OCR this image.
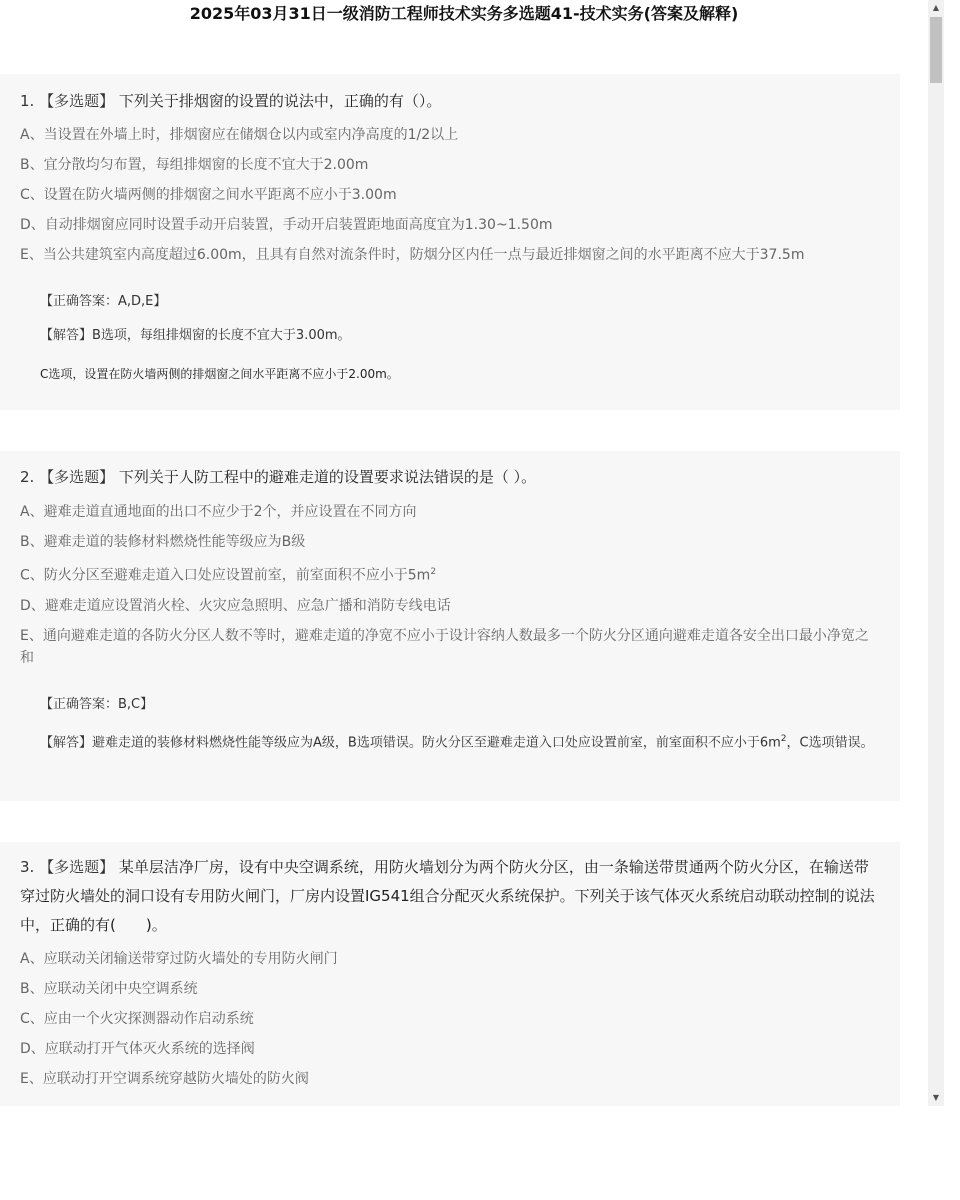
2025年03月31日一级消防工程师技术实务多选题41-技术实务(答案及解释)

1. 【多选题】 下列关于排烟窗的设置的说法中，正确的有（）。

A、当设置在外墙上时，排烟窗应在储烟仓以内或室内净高度的1/2以上

B、宜分散均匀布置，每组排烟窗的长度不宜大于2.00m

C、设置在防火墙两侧的排烟窗之间水平距离不应小于3.00m

D、自动排烟窗应同时设置手动开启装置，手动开启装置距地面高度宜为1.30~1.50m

E、当公共建筑室内高度超过6.00m，且具有自然对流条件时，防烟分区内任一点与最近排烟窗之间的水平距离不应大于37.5m

【正确答案：A,D,E】

【解答】B选项，每组排烟窗的长度不宜大于3.00m。

C选项，设置在防火墙两侧的排烟窗之间水平距离不应小于2.00m。

2. 【多选题】 下列关于人防工程中的避难走道的设置要求说法错误的是（ ）。

A、避难走道直通地面的出口不应少于2个，并应设置在不同方向

B、避难走道的装修材料燃烧性能等级应为B级

C、防火分区至避难走道入口处应设置前室，前室面积不应小于$5m^2$

D、避难走道应设置消火栓、火灾应急照明、应急广播和消防专线电话

E、通向避难走道的各防火分区人数不等时，避难走道的净宽不应小于设计容纳人数最多一个防火分区通向避难走道各安全出口最小净宽之和

【正确答案：B,C】

【解答】避难走道的装修材料燃烧性能等级应为A级，B选项错误。防火分区至避难走道入口处应设置前室，前室面积不应小于$6m^2$，C选项错误。

3. 【多选题】 某单层洁净厂房，设有中央空调系统，用防火墙划分为两个防火分区，由一条输送带贯通两个防火分区，在输送带穿过防火墙处的洞口设有专用防火闸门，厂房内设置IG541组合分配灭火系统保护。下列关于该气体灭火系统启动联动控制的说法中，正确的有(　　)。

A、应联动关闭输送带穿过防火墙处的专用防火闸门

B、应联动关闭中央空调系统

C、应由一个火灾探测器动作启动系统

D、应联动打开气体灭火系统的选择阀

E、应联动打开空调系统穿越防火墙处的防火阀

▲
▼
